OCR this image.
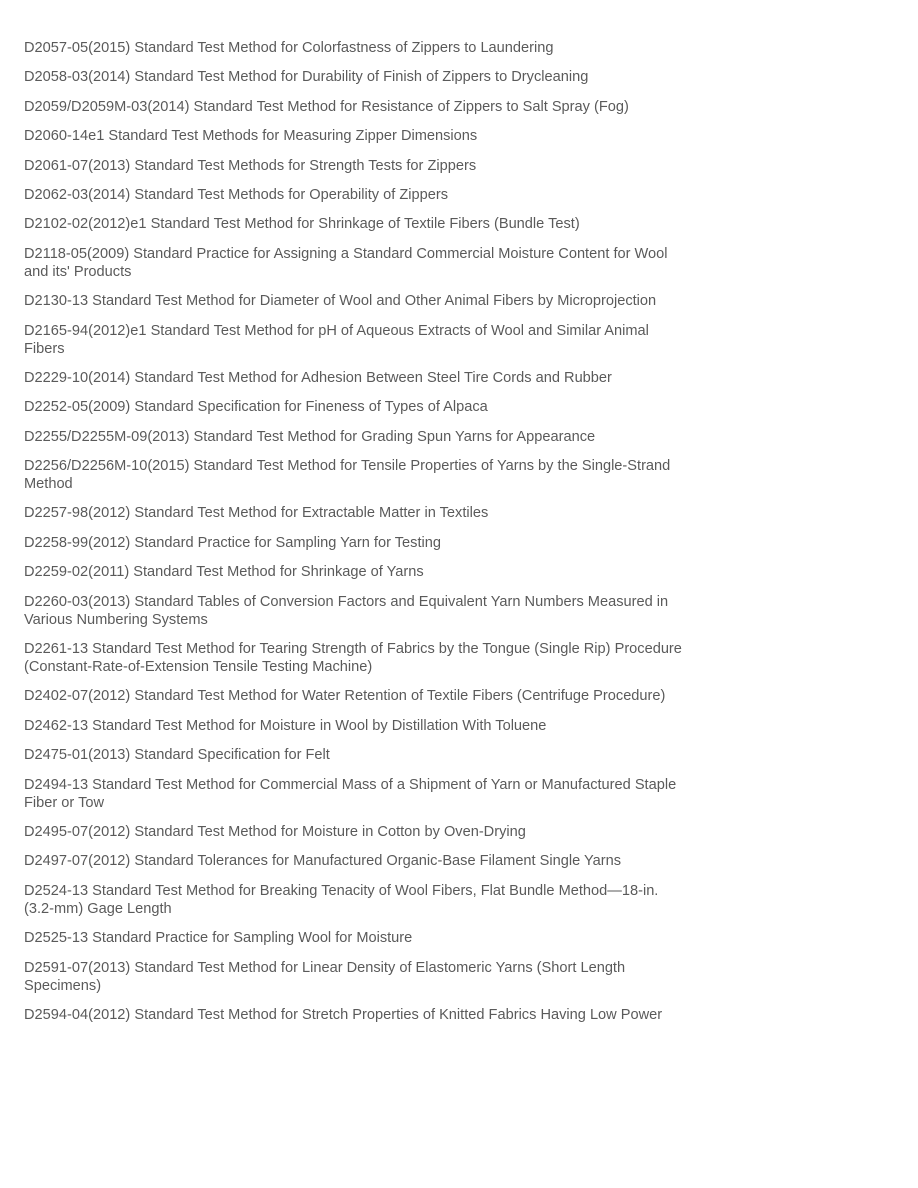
D2057-05(2015) Standard Test Method for Colorfastness of Zippers to Laundering

D2058-03(2014) Standard Test Method for Durability of Finish of Zippers to Drycleaning

D2059/D2059M-03(2014) Standard Test Method for Resistance of Zippers to Salt Spray (Fog)

D2060-14e1 Standard Test Methods for Measuring Zipper Dimensions

D2061-07(2013) Standard Test Methods for Strength Tests for Zippers

D2062-03(2014) Standard Test Methods for Operability of Zippers

D2102-02(2012)e1 Standard Test Method for Shrinkage of Textile Fibers (Bundle Test)

D2118-05(2009) Standard Practice for Assigning a Standard Commercial Moisture Content for Wool and its' Products

D2130-13 Standard Test Method for Diameter of Wool and Other Animal Fibers by Microprojection

D2165-94(2012)e1 Standard Test Method for pH of Aqueous Extracts of Wool and Similar Animal Fibers

D2229-10(2014) Standard Test Method for Adhesion Between Steel Tire Cords and Rubber

D2252-05(2009) Standard Specification for Fineness of Types of Alpaca

D2255/D2255M-09(2013) Standard Test Method for Grading Spun Yarns for Appearance

D2256/D2256M-10(2015) Standard Test Method for Tensile Properties of Yarns by the Single-Strand Method

D2257-98(2012) Standard Test Method for Extractable Matter in Textiles

D2258-99(2012) Standard Practice for Sampling Yarn for Testing

D2259-02(2011) Standard Test Method for Shrinkage of Yarns

D2260-03(2013) Standard Tables of Conversion Factors and Equivalent Yarn Numbers Measured in Various Numbering Systems

D2261-13 Standard Test Method for Tearing Strength of Fabrics by the Tongue (Single Rip) Procedure (Constant-Rate-of-Extension Tensile Testing Machine)

D2402-07(2012) Standard Test Method for Water Retention of Textile Fibers (Centrifuge Procedure)

D2462-13 Standard Test Method for Moisture in Wool by Distillation With Toluene

D2475-01(2013) Standard Specification for Felt

D2494-13 Standard Test Method for Commercial Mass of a Shipment of Yarn or Manufactured Staple Fiber or Tow

D2495-07(2012) Standard Test Method for Moisture in Cotton by Oven-Drying

D2497-07(2012) Standard Tolerances for Manufactured Organic-Base Filament Single Yarns

D2524-13 Standard Test Method for Breaking Tenacity of Wool Fibers, Flat Bundle Method—18-in. (3.2-mm) Gage Length

D2525-13 Standard Practice for Sampling Wool for Moisture

D2591-07(2013) Standard Test Method for Linear Density of Elastomeric Yarns (Short Length Specimens)

D2594-04(2012) Standard Test Method for Stretch Properties of Knitted Fabrics Having Low Power
